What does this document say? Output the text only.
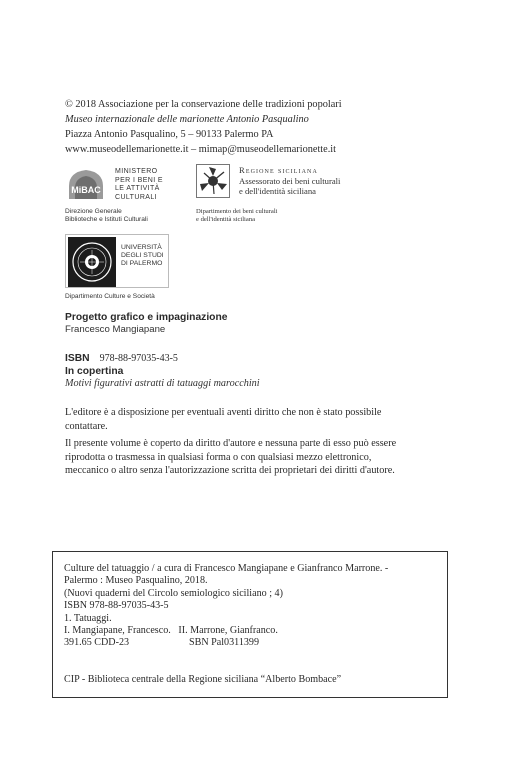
© 2018 Associazione per la conservazione delle tradizioni popolari
Museo internazionale delle marionette Antonio Pasqualino
Piazza Antonio Pasqualino, 5 – 90133 Palermo PA
www.museodellemarionette.it – mimap@museodellemarionette.it
MiBAC
MINISTERO
PER I BENI E
LE ATTIVITÀ
CULTURALI
Direzione Generale
Biblioteche e Istituti Culturali
Regione siciliana
Assessorato dei beni culturali
e dell'identità siciliana
Dipartimento dei beni culturali
e dell'identità siciliana
UNIVERSITÀ
DEGLI STUDI
DI PALERMO
Dipartimento Culture e Società
Progetto grafico e impaginazione
Francesco Mangiapane
ISBN 978-88-97035-43-5
In copertina
Motivi figurativi astratti di tatuaggi marocchini

L'editore è a disposizione per eventuali aventi diritto che non è stato possibile
contattare.

Il presente volume è coperto da diritto d'autore e nessuna parte di esso può essere
riprodotta o trasmessa in qualsiasi forma o con qualsiasi mezzo elettronico,
meccanico o altro senza l'autorizzazione scritta dei proprietari dei diritti d'autore.

Culture del tatuaggio / a cura di Francesco Mangiapane e Gianfranco Marrone. -
Palermo : Museo Pasqualino, 2018.
(Nuovi quaderni del Circolo semiologico siciliano ; 4)
ISBN 978-88-97035-43-5
1. Tatuaggi.
I. Mangiapane, Francesco.   II. Marrone, Gianfranco.
391.65 CDD-23	SBN Pal0311399
CIP - Biblioteca centrale della Regione siciliana “Alberto Bombace”
